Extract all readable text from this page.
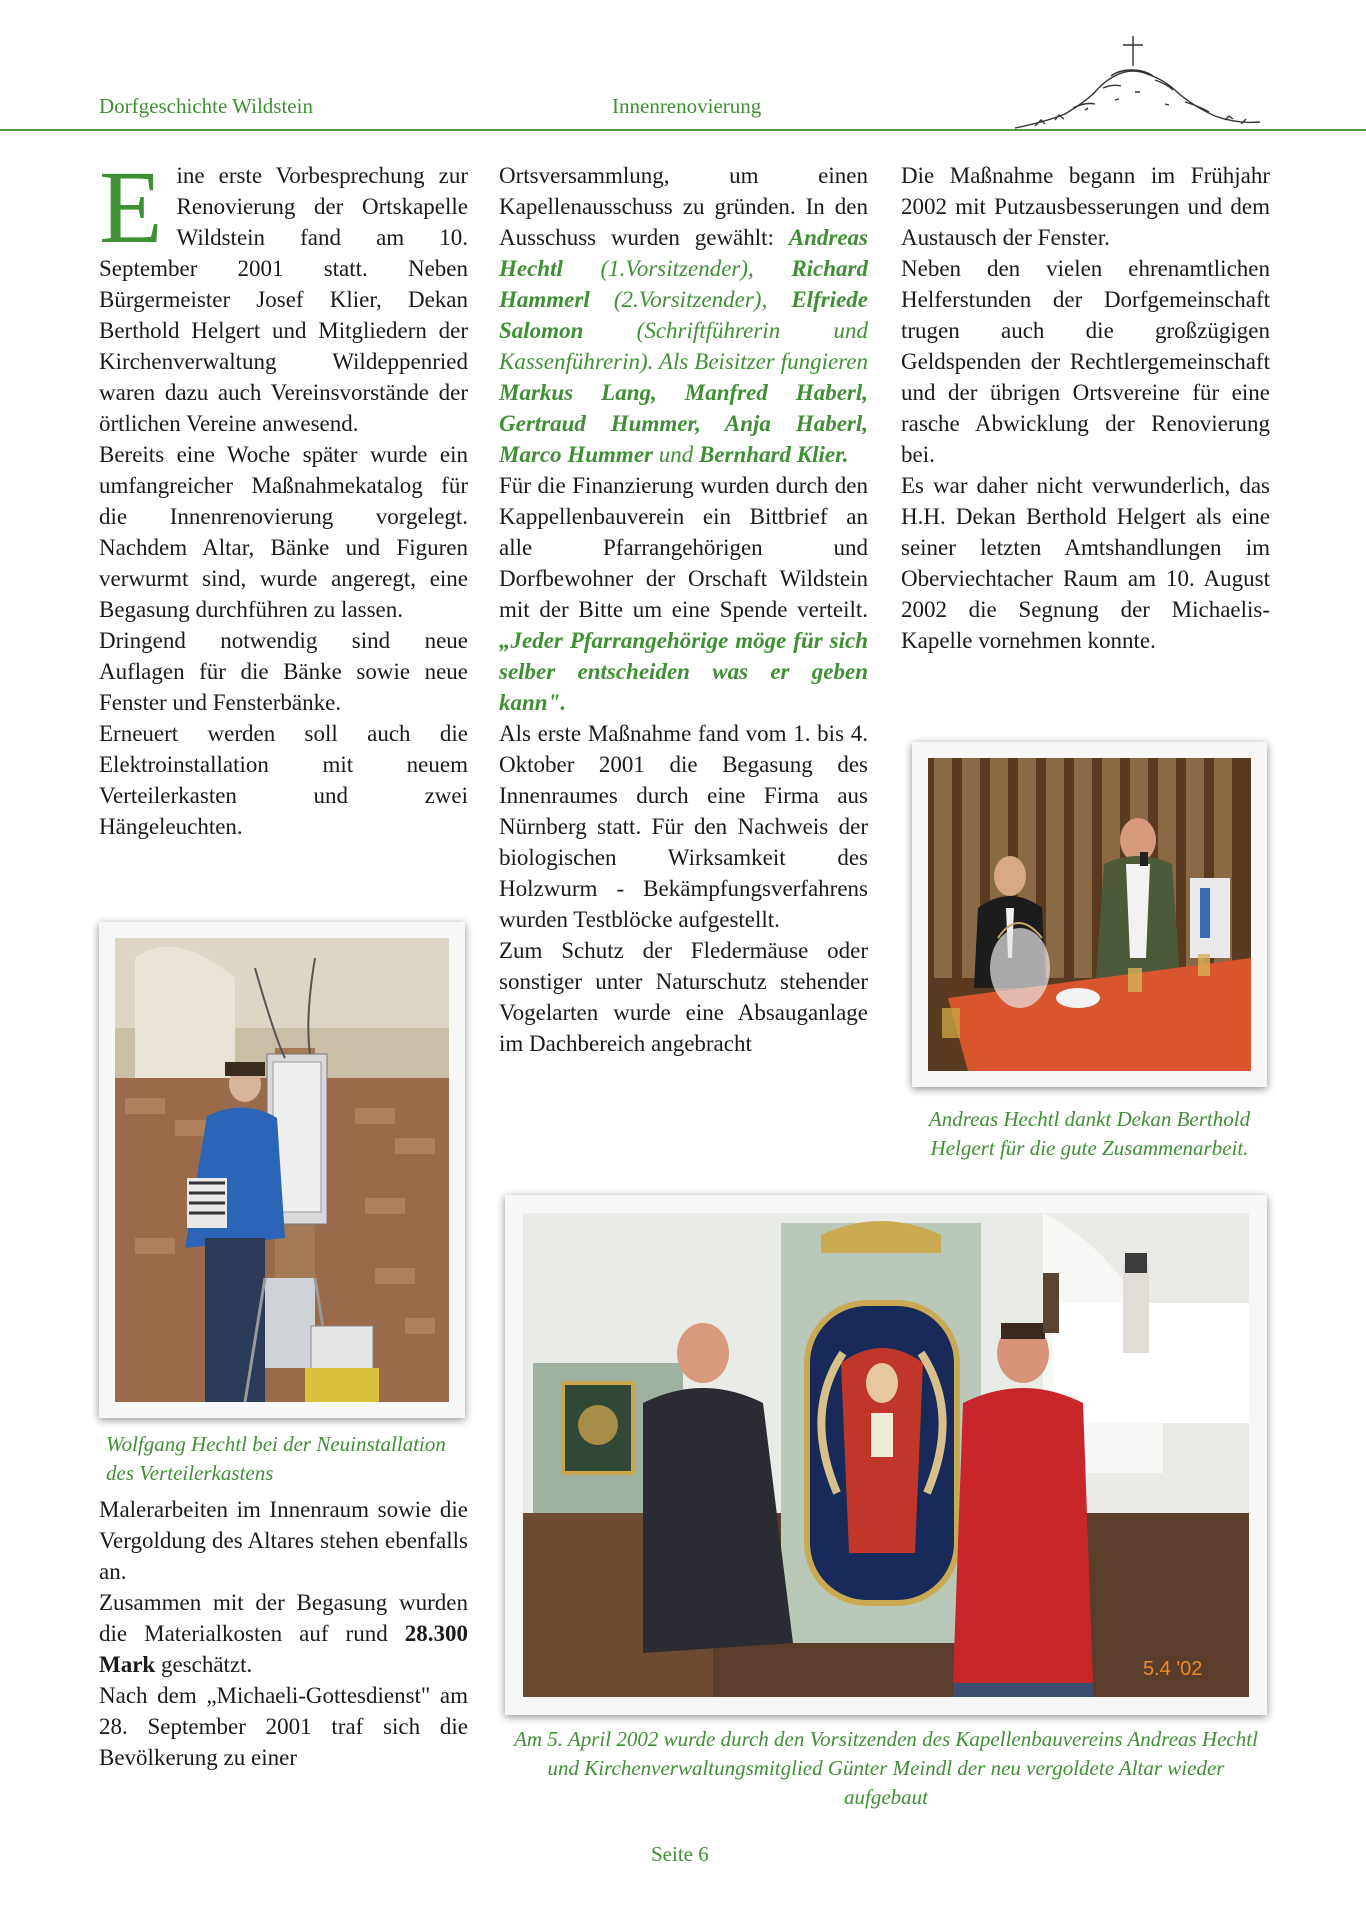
Dorfgeschichte Wildstein	Innenrenovierung

Eine erste Vorbesprechung zur Renovierung der Ortskapelle Wildstein fand am 10. September 2001 statt. Neben Bürgermeister Josef Klier, Dekan Berthold Helgert und Mitgliedern der Kirchenverwaltung Wildeppenried waren dazu auch Vereinsvorstände der örtlichen Vereine anwesend.

Bereits eine Woche später wurde ein umfangreicher Maßnahmekatalog für die Innenrenovierung vorgelegt. Nachdem Altar, Bänke und Figuren verwurmt sind, wurde angeregt, eine Begasung durchführen zu lassen.

Dringend notwendig sind neue Auflagen für die Bänke sowie neue Fenster und Fensterbänke.

Erneuert werden soll auch die Elektroinstallation mit neuem Verteilerkasten und zwei Hängeleuchten.

Wolfgang Hechtl bei der Neuinstallation des Verteilerkastens

Malerarbeiten im Innenraum sowie die Vergoldung des Altares stehen ebenfalls an.

Zusammen mit der Begasung wurden die Materialkosten auf rund 28.300 Mark geschätzt.

Nach dem „Michaeli-Gottesdienst" am 28. September 2001 traf sich die Bevölkerung zu einer

Ortsversammlung, um einen Kapellenausschuss zu gründen. In den Ausschuss wurden gewählt: Andreas Hechtl (1.Vorsitzender), Richard Hammerl (2.Vorsitzender), Elfriede Salomon (Schriftführerin und Kassenführerin). Als Beisitzer fungieren Markus Lang, Manfred Haberl, Gertraud Hummer, Anja Haberl, Marco Hummer und Bernhard Klier.

Für die Finanzierung wurden durch den Kappellenbauverein ein Bittbrief an alle Pfarrangehörigen und Dorfbewohner der Orschaft Wildstein mit der Bitte um eine Spende verteilt. „Jeder Pfarrangehörige möge für sich selber entscheiden was er geben kann".

Als erste Maßnahme fand vom 1. bis 4. Oktober 2001 die Begasung des Innenraumes durch eine Firma aus Nürnberg statt. Für den Nachweis der biologischen Wirksamkeit des Holzwurm - Bekämpfungsverfahrens wurden Testblöcke aufgestellt.

Zum Schutz der Fledermäuse oder sonstiger unter Naturschutz stehender Vogelarten wurde eine Absauganlage im Dachbereich angebracht

Die Maßnahme begann im Frühjahr 2002 mit Putzausbesserungen und dem Austausch der Fenster.

Neben den vielen ehrenamtlichen Helferstunden der Dorfgemeinschaft trugen auch die großzügigen Geldspenden der Rechtlergemeinschaft und der übrigen Ortsvereine für eine rasche Abwicklung der Renovierung bei.

Es war daher nicht verwunderlich, das H.H. Dekan Berthold Helgert als eine seiner letzten Amtshandlungen im Oberviechtacher Raum am 10. August 2002 die Segnung der Michaelis-Kapelle vornehmen konnte.

Andreas Hechtl dankt Dekan Berthold Helgert für die gute Zusammenarbeit.
5.4 '02
Am 5. April 2002 wurde durch den Vorsitzenden des Kapellenbauvereins Andreas Hechtl und Kirchenverwaltungsmitglied Günter Meindl der neu vergoldete Altar wieder aufgebaut
Seite 6
